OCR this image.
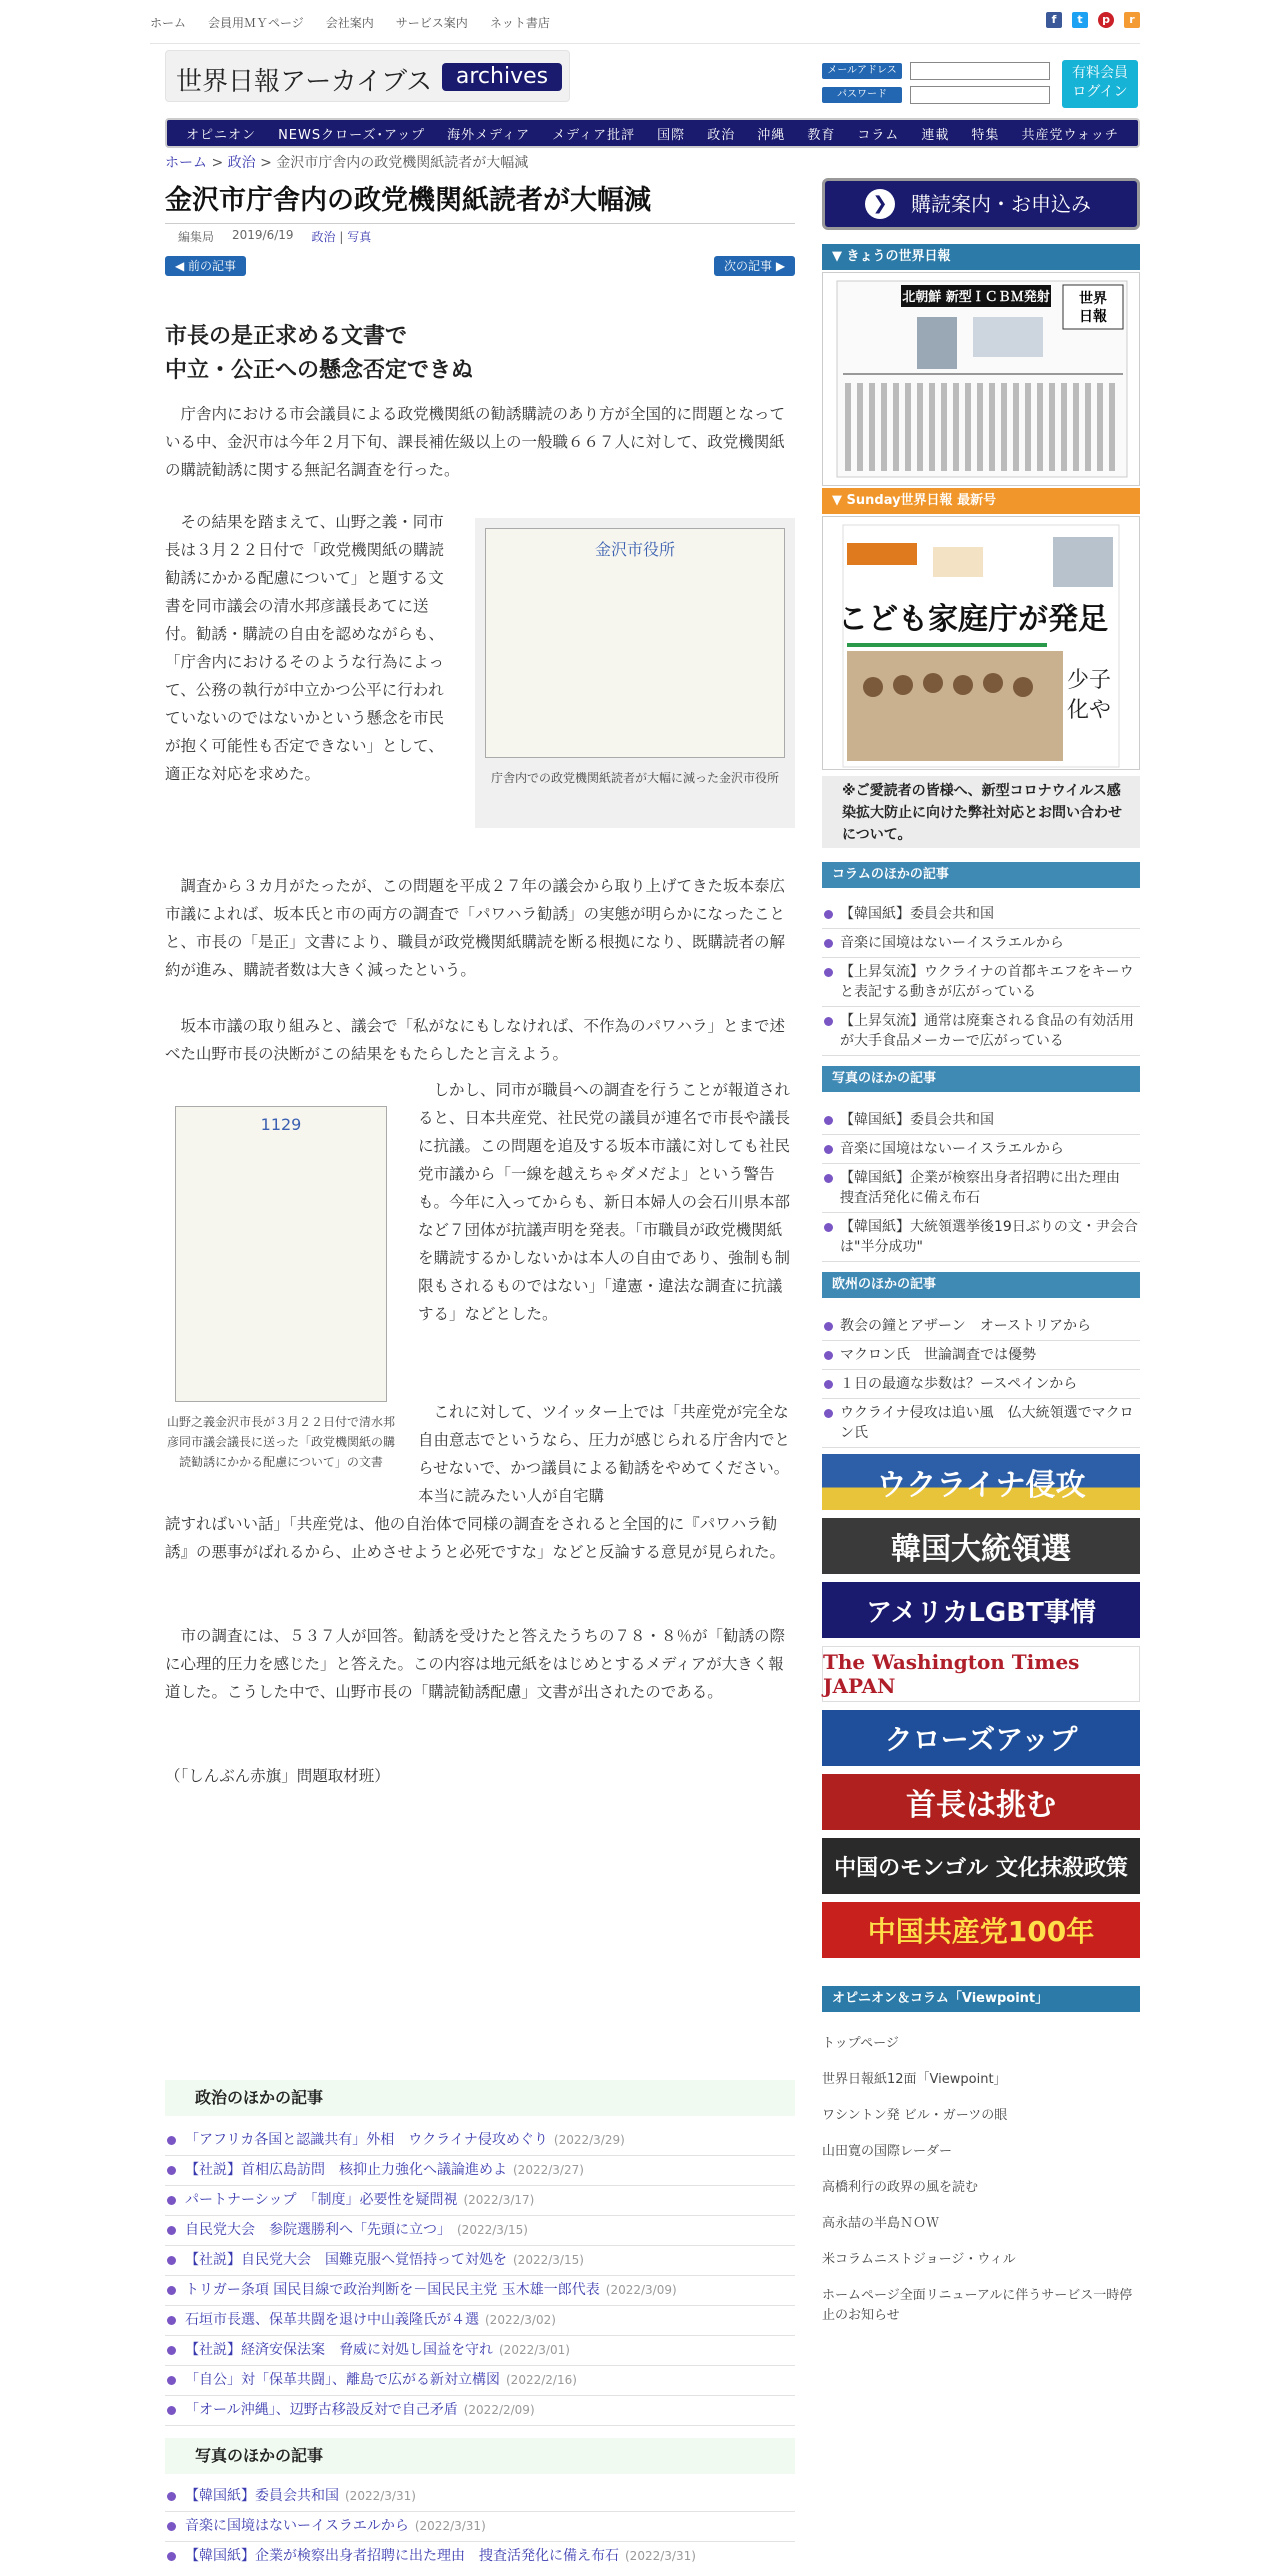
ホーム 会員用ＭＹページ 会社案内 サービス案内 ネット書店	f	t	p	r
世界日報アーカイブス	archives	メールアドレス
パスワード
有料会員
ログイン
オピニオン NEWSクローズ･アップ 海外メディア メディア批評 国際 政治 沖縄 教育 コラム 連載 特集 共産党ウォッチ
ホーム > 政治 > 金沢市庁舎内の政党機関紙読者が大幅減
金沢市庁舎内の政党機関紙読者が大幅減
編集局 2019/6/19 政治 | 写真
◀ 前の記事	次の記事 ▶
市長の是正求める文書で
中立・公正への懸念否定できぬ

　庁舎内における市会議員による政党機関紙の勧誘購読のあり方が全国的に問題となっている中、金沢市は今年２月下旬、課長補佐級以上の一般職６６７人に対して、政党機関紙の購読勧誘に関する無記名調査を行った。

　その結果を踏まえて、山野之義・同市長は３月２２日付で「政党機関紙の購読勧誘にかかる配慮について」と題する文書を同市議会の清水邦彦議長あてに送付。勧誘・購読の自由を認めながらも、「庁舎内におけるそのような行為によって、公務の執行が中立かつ公平に行われていないのではないかという懸念を市民が抱く可能性も否定できない」として、適正な対応を求めた。

金沢市役所
庁舎内での政党機関紙読者が大幅に減った金沢市役所

　調査から３カ月がたったが、この問題を平成２７年の議会から取り上げてきた坂本泰広市議によれば、坂本氏と市の両方の調査で「パワハラ勧誘」の実態が明らかになったことと、市長の「是正」文書により、職員が政党機関紙購読を断る根拠になり、既購読者の解約が進み、購読者数は大きく減ったという。

　坂本市議の取り組みと、議会で「私がなにもしなければ、不作為のパワハラ」とまで述べた山野市長の決断がこの結果をもたらしたと言えよう。

1129
山野之義金沢市長が３月２２日付で清水邦彦同市議会議長に送った「政党機関紙の購読勧誘にかかる配慮について」の文書

　しかし、同市が職員への調査を行うことが報道されると、日本共産党、社民党の議員が連名で市長や議長に抗議。この問題を追及する坂本市議に対しても社民党市議から「一線を越えちゃダメだよ」という警告も。今年に入ってからも、新日本婦人の会石川県本部など７団体が抗議声明を発表。「市職員が政党機関紙を購読するかしないかは本人の自由であり、強制も制限もされるものではない」「違憲・違法な調査に抗議する」などとした。

　これに対して、ツイッター上では「共産党が完全な自由意志でというなら、圧力が感じられる庁舎内でとらせないで、かつ議員による勧誘をやめてください。本当に読みたい人が自宅購

読すればいい話」「共産党は、他の自治体で同様の調査をされると全国的に『パワハラ勧誘』の悪事がばれるから、止めさせようと必死ですな」などと反論する意見が見られた。

　市の調査には、５３７人が回答。勧誘を受けたと答えたうちの７８・８％が「勧誘の際に心理的圧力を感じた」と答えた。この内容は地元紙をはじめとするメディアが大きく報道した。こうした中で、山野市長の「購読勧誘配慮」文書が出されたのである。

（「しんぶん赤旗」問題取材班）

❯	購読案内・お申込み
▼ きょうの世界日報
世界
日報
北朝鮮 新型ＩＣＢＭ発射
▼ Sunday世界日報 最新号
こども家庭庁が発足
少子
化や
※ご愛読者の皆様へ、新型コロナウイルス感染拡大防止に向けた弊社対応とお問い合わせについて。
コラムのほかの記事
【韓国紙】委員会共和国
音楽に国境はないーイスラエルから
【上昇気流】ウクライナの首都キエフをキーウと表記する動きが広がっている
【上昇気流】通常は廃棄される食品の有効活用が大手食品メーカーで広がっている
写真のほかの記事
【韓国紙】委員会共和国
音楽に国境はないーイスラエルから
【韓国紙】企業が検察出身者招聘に出た理由　捜査活発化に備え布石
【韓国紙】大統領選挙後19日ぶりの文・尹会合は"半分成功"
欧州のほかの記事
教会の鐘とアザーン　オーストリアから
マクロン氏　世論調査では優勢
１日の最適な歩数は？ースペインから
ウクライナ侵攻は追い風　仏大統領選でマクロン氏
ウクライナ侵攻
韓国大統領選
アメリカLGBT事情
The Washington Times JAPAN
クローズアップ
首長は挑む
中国のモンゴル 文化抹殺政策
中国共産党100年
オピニオン＆コラム「Viewpoint」
トップページ
世界日報紙12面「Viewpoint」
ワシントン発 ビル・ガーツの眼
山田寛の国際レーダー
高橋利行の政界の風を読む
高永喆の半島ＮＯＷ
米コラムニストジョージ・ウィル
ホームページ全面リニューアルに伴うサービス一時停止のお知らせ
政治のほかの記事
「アフリカ各国と認識共有」外相　ウクライナ侵攻めぐり (2022/3/29)
【社説】首相広島訪問　核抑止力強化へ議論進めよ (2022/3/27)
パートナーシップ　「制度」必要性を疑問視 (2022/3/17)
自民党大会　参院選勝利へ「先頭に立つ」 (2022/3/15)
【社説】自民党大会　国難克服へ覚悟持って対処を (2022/3/15)
トリガー条項 国民目線で政治判断を－国民民主党 玉木雄一郎代表 (2022/3/09)
石垣市長選、保革共闘を退け中山義隆氏が４選 (2022/3/02)
【社説】経済安保法案　脅威に対処し国益を守れ (2022/3/01)
「自公」対「保革共闘」、離島で広がる新対立構図 (2022/2/16)
「オール沖縄」、辺野古移設反対で自己矛盾 (2022/2/09)
写真のほかの記事
【韓国紙】委員会共和国 (2022/3/31)
音楽に国境はないーイスラエルから (2022/3/31)
【韓国紙】企業が検察出身者招聘に出た理由　捜査活発化に備え布石 (2022/3/31)
